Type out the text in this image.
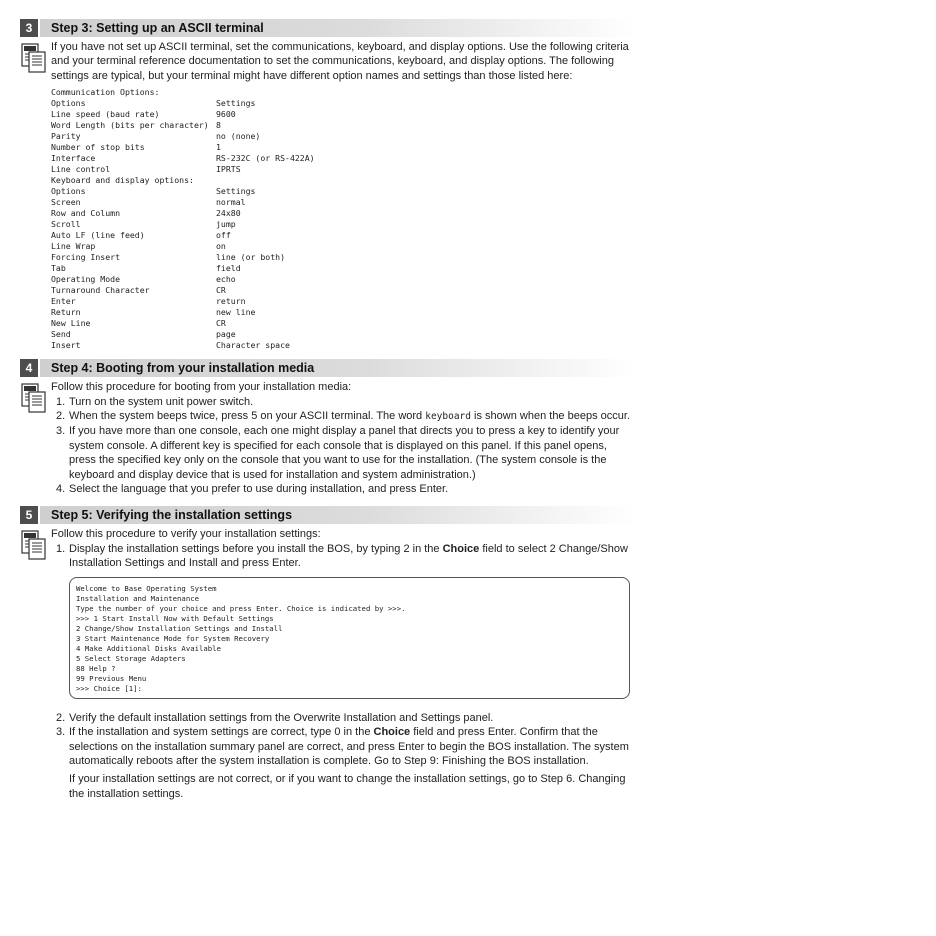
3	Step 3: Setting up an ASCII terminal

If you have not set up ASCII terminal, set the communications, keyboard, and display options. Use the following criteria and your terminal reference documentation to set the communications, keyboard, and display options. The following settings are typical, but your terminal might have different option names and settings than those listed here:

Communication Options:
Options	Settings
Line speed (baud rate)	9600
Word Length (bits per character) 8
Parity	no (none)
Number of stop bits	1
Interface	RS-232C (or RS-422A)
Line control	IPRTS
Keyboard and display options:
Options	Settings
Screen	normal
Row and Column	24x80
Scroll	jump
Auto LF (line feed)	off
Line Wrap	on
Forcing Insert	line (or both)
Tab	field
Operating Mode	echo
Turnaround Character	CR
Enter	return
Return	new line
New Line	CR
Send	page
Insert	Character space
4	Step 4: Booting from your installation media

Follow this procedure for booting from your installation media:

1. Turn on the system unit power switch.
2. When the system beeps twice, press 5 on your ASCII terminal. The word keyboard is shown when the beeps occur.
3. If you have more than one console, each one might display a panel that directs you to press a key to identify your system console. A different key is specified for each console that is displayed on this panel. If this panel opens, press the specified key only on the console that you want to use for the installation. (The system console is the keyboard and display device that is used for installation and system administration.)
4. Select the language that you prefer to use during installation, and press Enter.
5	Step 5: Verifying the installation settings

Follow this procedure to verify your installation settings:

1. Display the installation settings before you install the BOS, by typing 2 in the Choice field to select 2 Change/Show Installation Settings and Install and press Enter.
Welcome to Base Operating System
Installation and Maintenance
Type the number of your choice and press Enter. Choice is indicated by >>>.
>>> 1 Start Install Now with Default Settings
2 Change/Show Installation Settings and Install
3 Start Maintenance Mode for System Recovery
4 Make Additional Disks Available
5 Select Storage Adapters
88 Help ?
99 Previous Menu
>>> Choice [1]:
2. Verify the default installation settings from the Overwrite Installation and Settings panel.
3. If the installation and system settings are correct, type 0 in the Choice field and press Enter. Confirm that the selections on the installation summary panel are correct, and press Enter to begin the BOS installation. The system automatically reboots after the system installation is complete. Go to Step 9: Finishing the BOS installation.
If your installation settings are not correct, or if you want to change the installation settings, go to Step 6. Changing the installation settings.
